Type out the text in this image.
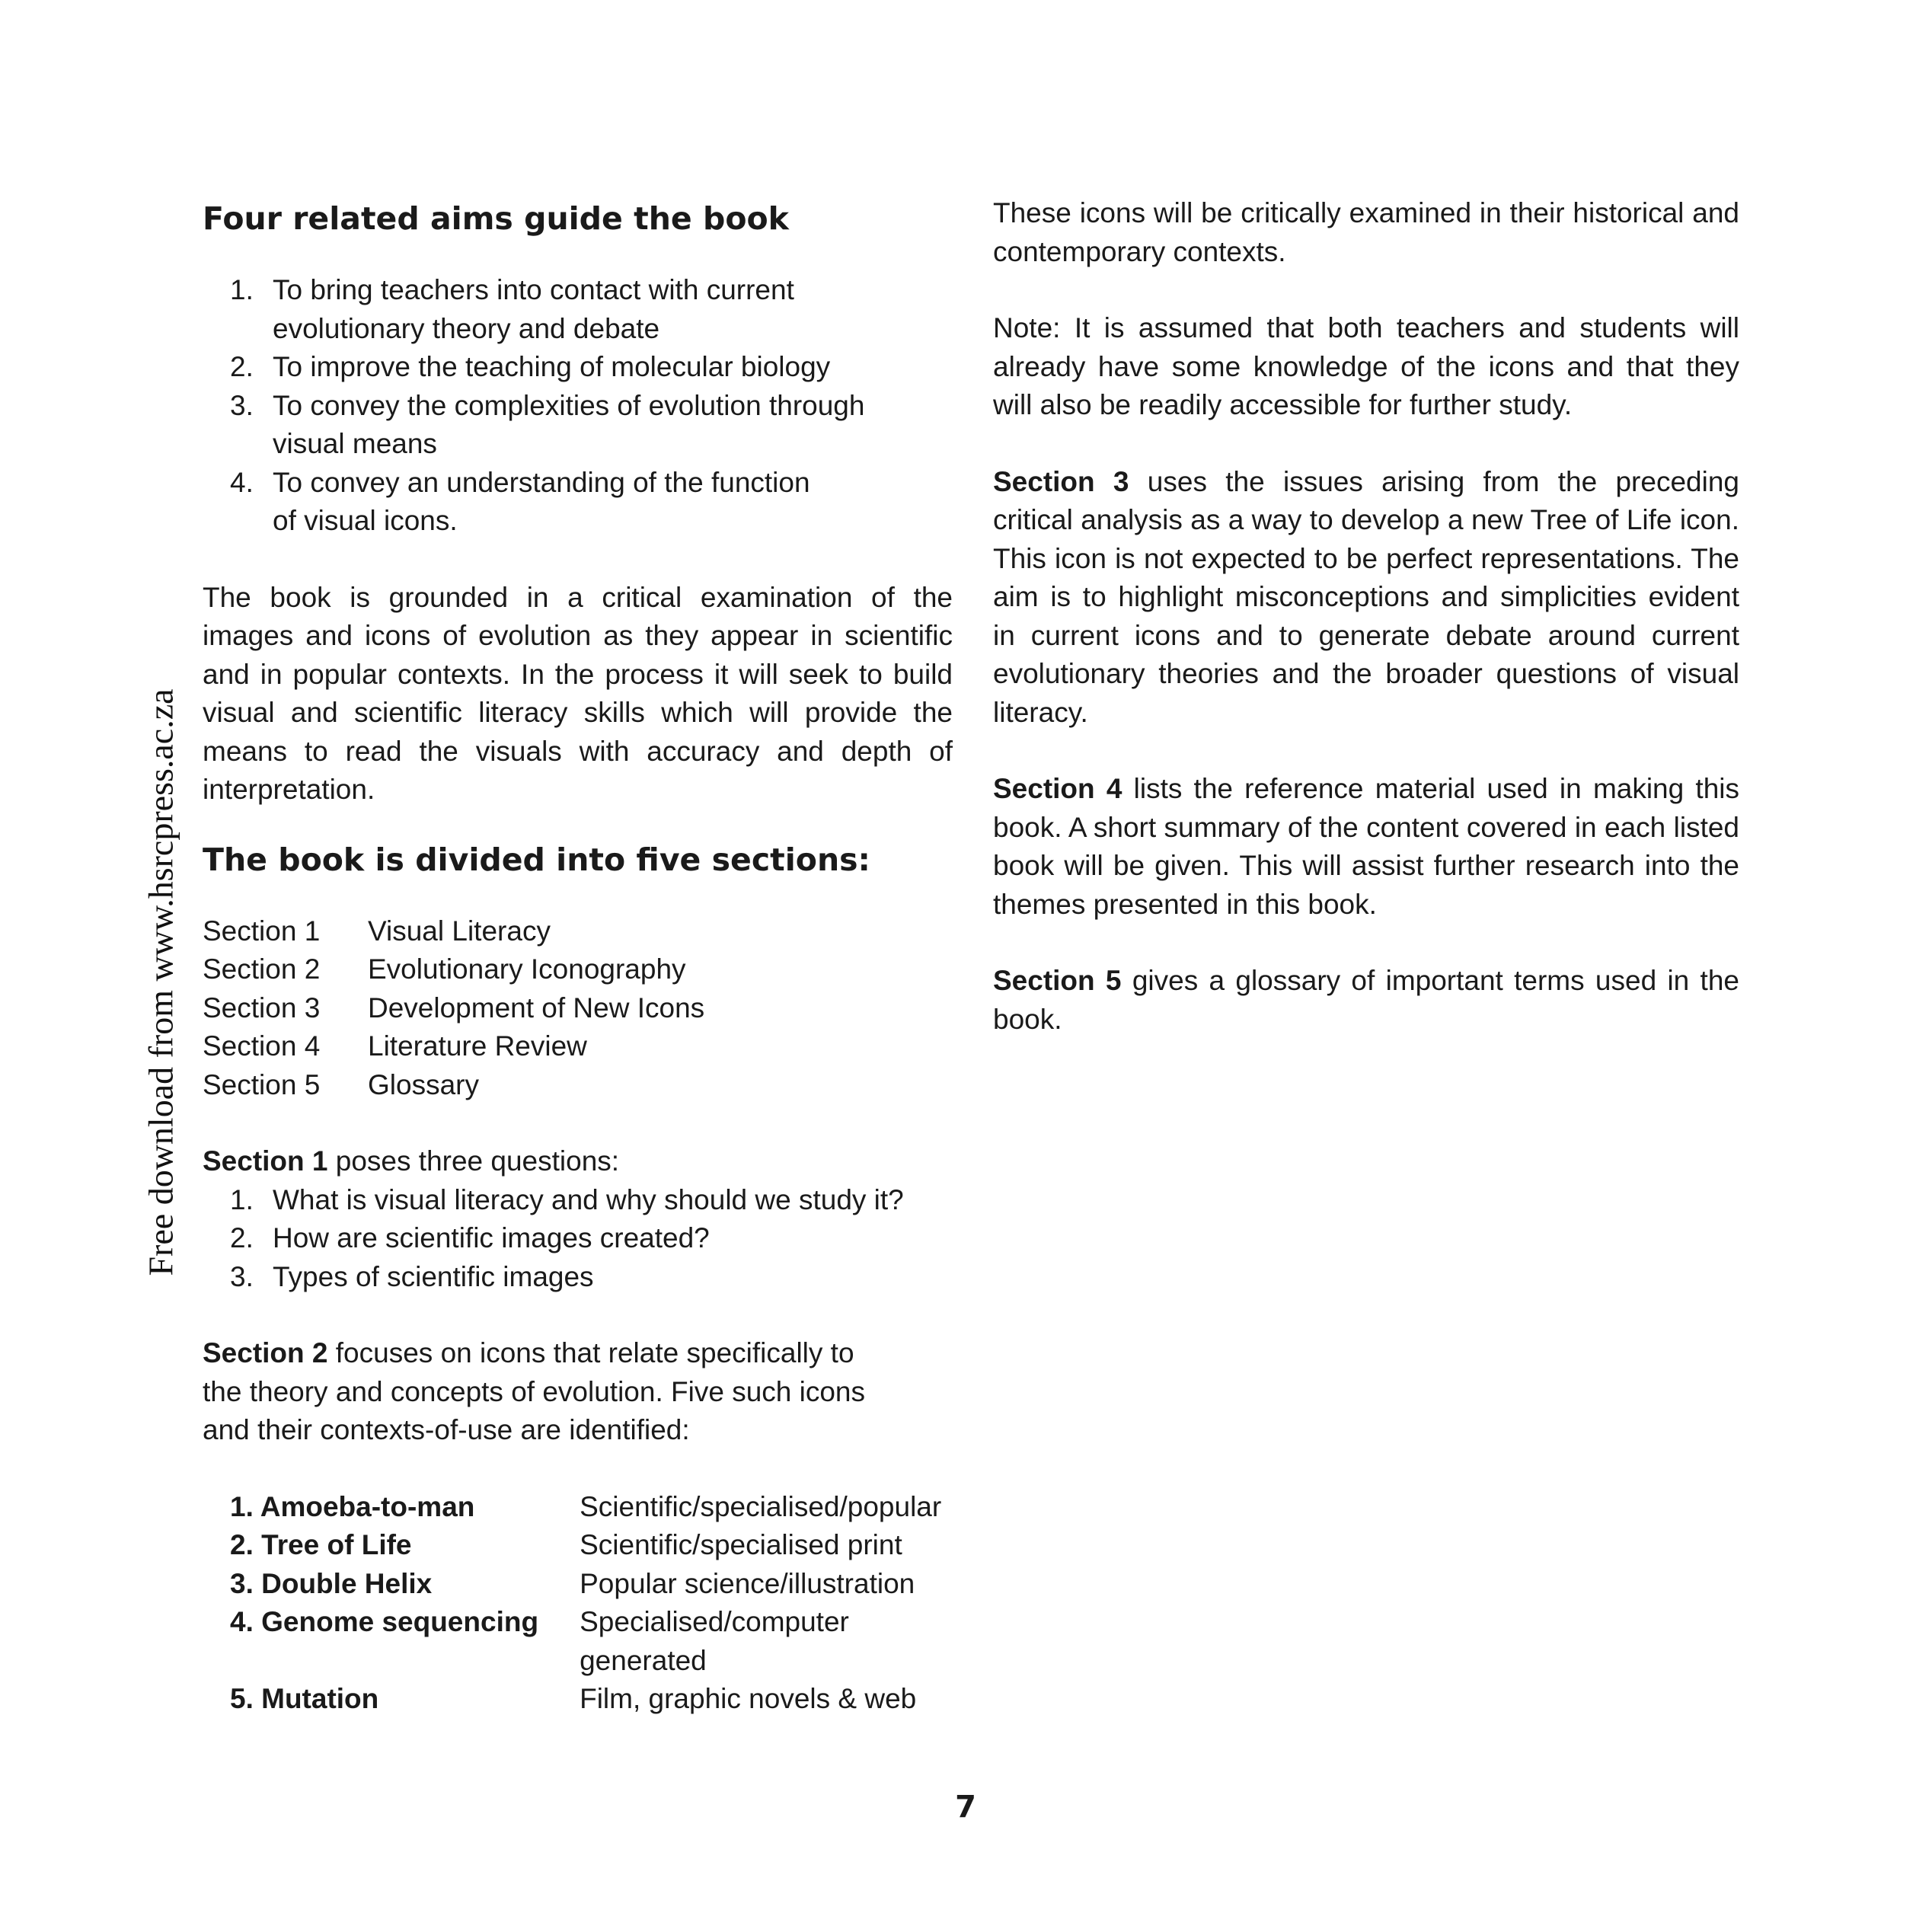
Free download from www.hsrcpress.ac.za
Four related aims guide the book
1. To bring teachers into contact with current
evolutionary theory and debate
2. To improve the teaching of molecular biology
3. To convey the complexities of evolution through
visual means
4. To convey an understanding of the function
of visual icons.

The book is grounded in a critical examination of the images and icons of evolution as they appear in scientific and in popular contexts. In the process it will seek to build visual and scientific literacy skills which will provide the means to read the visuals with accuracy and depth of interpretation.

The book is divided into five sections:
Section 1	Visual Literacy
Section 2	Evolutionary Iconography
Section 3	Development of New Icons
Section 4	Literature Review
Section 5	Glossary

Section 1 poses three questions:

1. What is visual literacy and why should we study it?
2. How are scientific images created?
3. Types of scientific images

Section 2 focuses on icons that relate specifically to
the theory and concepts of evolution. Five such icons
and their contexts-of-use are identified:

1. Amoeba-to-man	Scientific/specialised/popular
2. Tree of Life	Scientific/specialised print
3. Double Helix	Popular science/illustration
4. Genome sequencing	Specialised/computer generated
5. Mutation	Film, graphic novels & web

These icons will be critically examined in their historical and contemporary contexts.

Note: It is assumed that both teachers and students will already have some knowledge of the icons and that they will also be readily accessible for further study.

Section 3 uses the issues arising from the preceding critical analysis as a way to develop a new Tree of Life icon. This icon is not expected to be perfect representations. The aim is to highlight misconceptions and simplicities evident in current icons and to generate debate around current evolutionary theories and the broader questions of visual literacy.

Section 4 lists the reference material used in making this book. A short summary of the content covered in each listed book will be given. This will assist further research into the themes presented in this book.

Section 5 gives a glossary of important terms used in the book.

7
